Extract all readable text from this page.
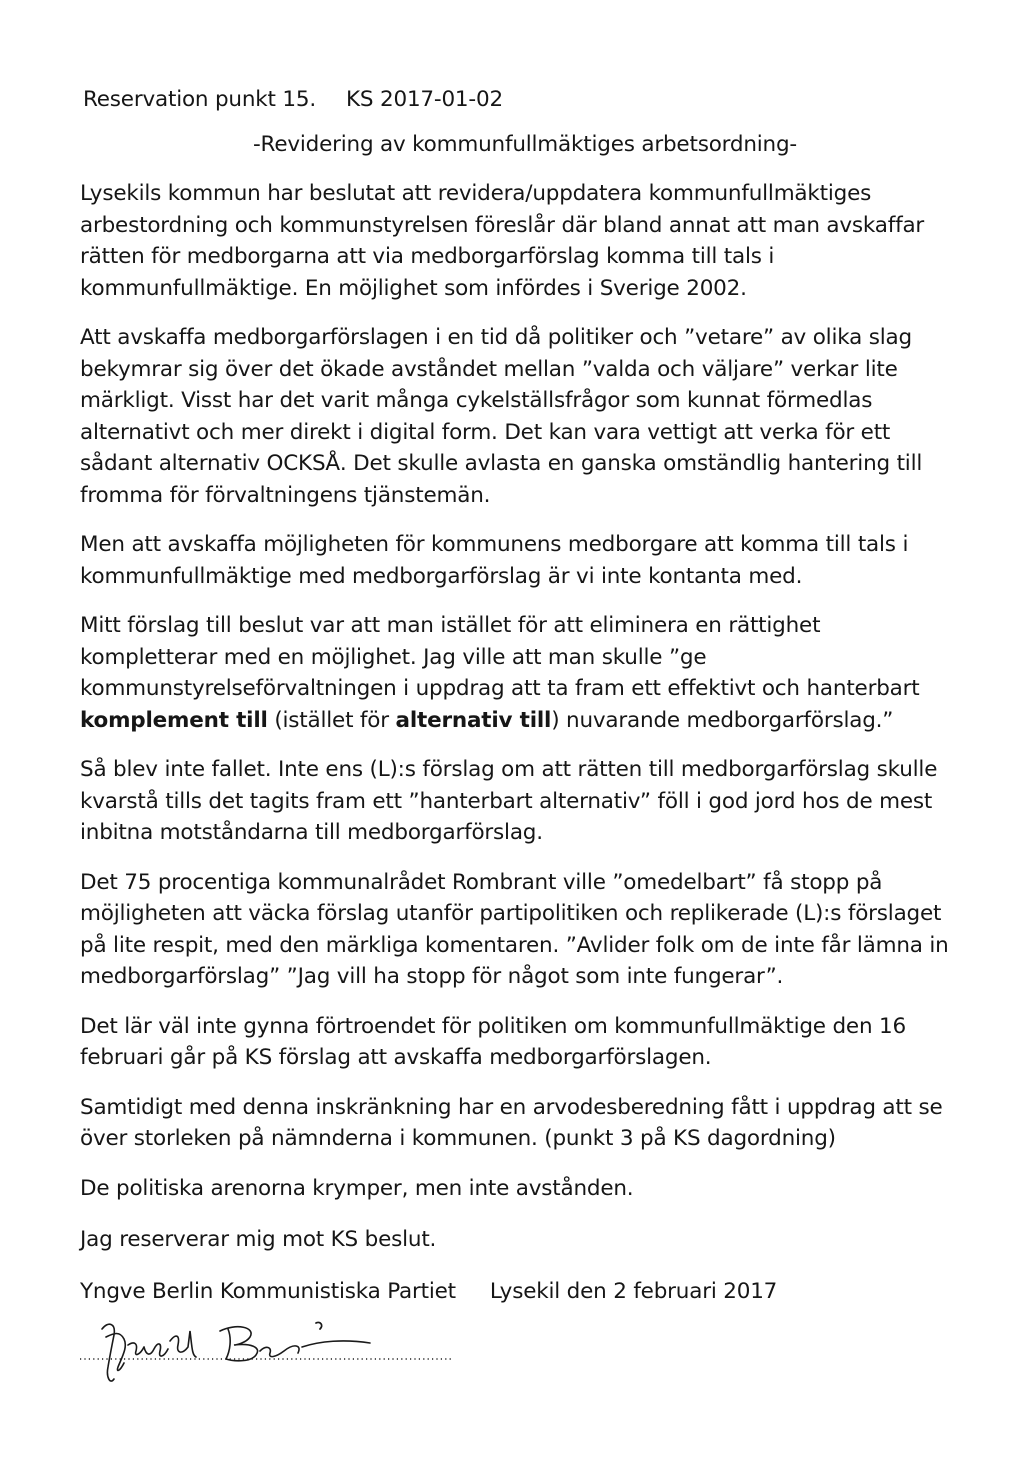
Reservation punkt 15. KS 2017-01-02
-Revidering av kommunfullmäktiges arbetsordning-

Lysekils kommun har beslutat att revidera/uppdatera kommunfullmäktiges arbestordning och kommunstyrelsen föreslår där bland annat att man avskaffar rätten för medborgarna att via medborgarförslag komma till tals i kommunfullmäktige. En möjlighet som infördes i Sverige 2002.

Att avskaffa medborgarförslagen i en tid då politiker och ”vetare” av olika slag bekymrar sig över det ökade avståndet mellan ”valda och väljare” verkar lite märkligt. Visst har det varit många cykelställsfrågor som kunnat förmedlas alternativt och mer direkt i digital form. Det kan vara vettigt att verka för ett sådant alternativ OCKSÅ. Det skulle avlasta en ganska omständlig hantering till fromma för förvaltningens tjänstemän.

Men att avskaffa möjligheten för kommunens medborgare att komma till tals i kommunfullmäktige med medborgarförslag är vi inte kontanta med.

Mitt förslag till beslut var att man istället för att eliminera en rättighet kompletterar med en möjlighet. Jag ville att man skulle ”ge kommunstyrelseförvaltningen i uppdrag att ta fram ett effektivt och hanterbart komplement till (istället för alternativ till) nuvarande medborgarförslag.”

Så blev inte fallet. Inte ens (L):s förslag om att rätten till medborgarförslag skulle kvarstå tills det tagits fram ett ”hanterbart alternativ” föll i god jord hos de mest inbitna motståndarna till medborgarförslag.

Det 75 procentiga kommunalrådet Rombrant ville ”omedelbart” få stopp på möjligheten att väcka förslag utanför partipolitiken och replikerade (L):s förslaget på lite respit, med den märkliga komentaren. ”Avlider folk om de inte får lämna in medborgarförslag” ”Jag vill ha stopp för något som inte fungerar”.

Det lär väl inte gynna förtroendet för politiken om kommunfullmäktige den 16 februari går på KS förslag att avskaffa medborgarförslagen.

Samtidigt med denna inskränkning har en arvodesberedning fått i uppdrag att se över storleken på nämnderna i kommunen. (punkt 3 på KS dagordning)

De politiska arenorna krymper, men inte avstånden.

Jag reserverar mig mot KS beslut.

Yngve Berlin Kommunistiska Partiet Lysekil den 2 februari 2017
